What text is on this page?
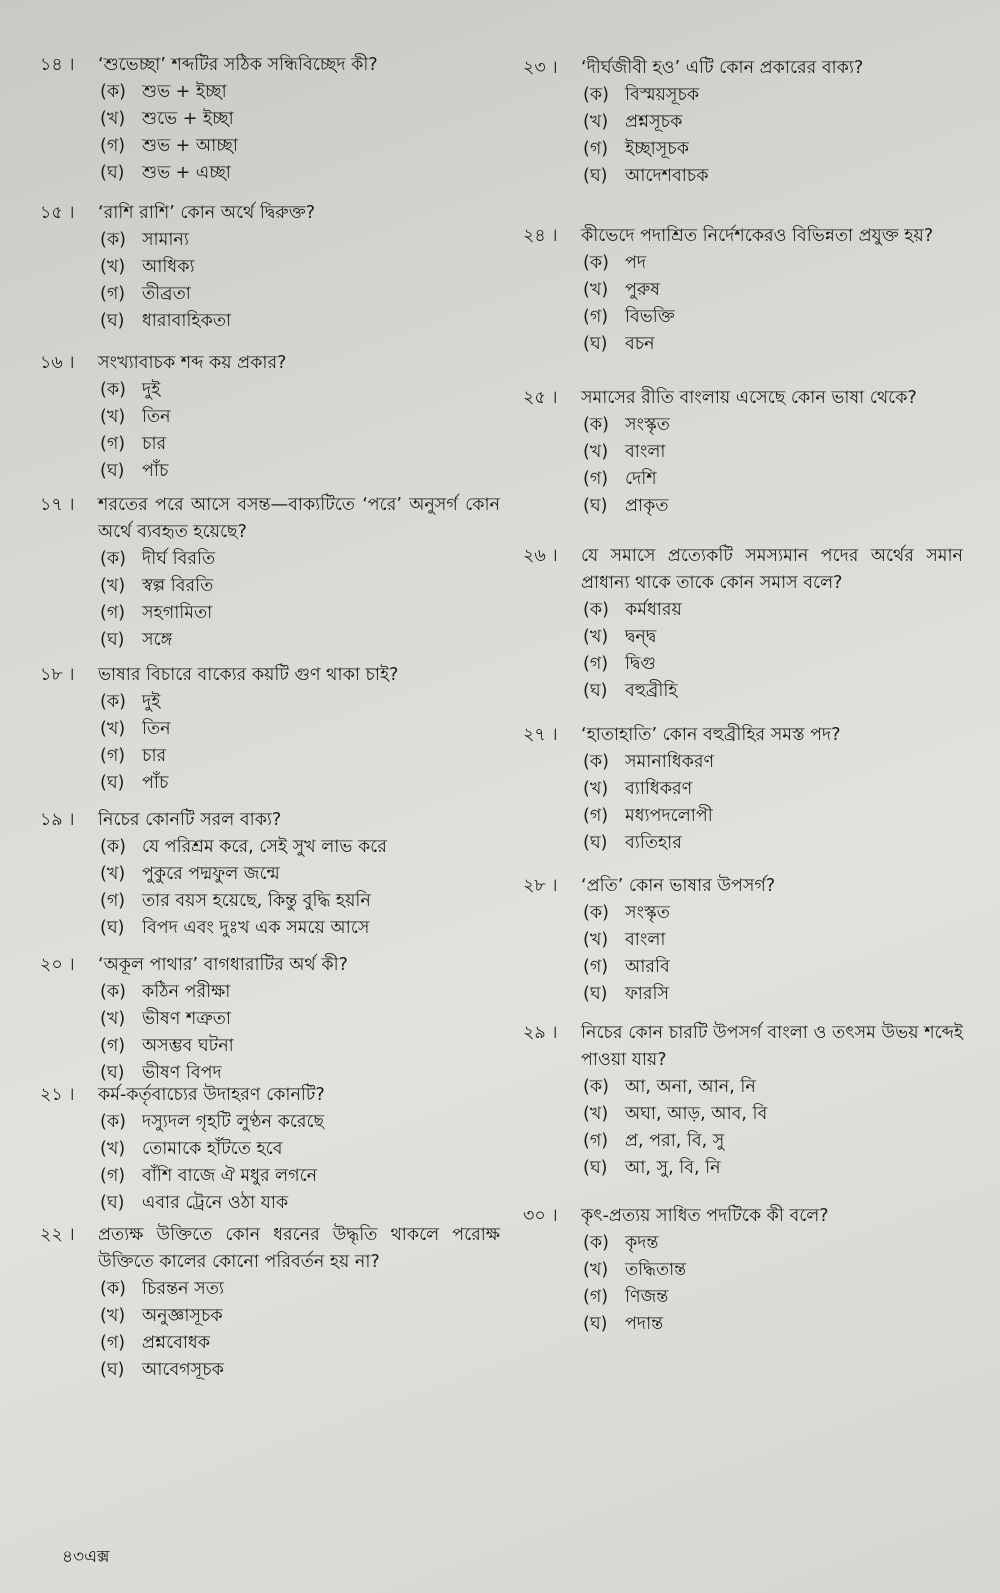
১৪ ।	‘শুভেচ্ছা’ শব্দটির সঠিক সন্ধিবিচ্ছেদ কী?
(ক) শুভ + ইচ্ছা
(খ) শুভে + ইচ্ছা
(গ) শুভ + আচ্ছা
(ঘ)	শুভ + এচ্ছা
১৫ ।	‘রাশি রাশি’ কোন অর্থে দ্বিরুক্ত?
(ক) সামান্য
(খ) আধিক্য
(গ) তীব্রতা
(ঘ)	ধারাবাহিকতা
১৬ ।	সংখ্যাবাচক শব্দ কয় প্রকার?
(ক) দুই
(খ) তিন
(গ) চার
(ঘ)	পাঁচ
১৭ ।	শরতের পরে আসে বসন্ত—বাক্যটিতে ‘পরে’ অনুসর্গ কোন অর্থে ব্যবহৃত হয়েছে?
(ক) দীর্ঘ বিরতি
(খ) স্বল্প বিরতি
(গ) সহগামিতা
(ঘ)	সঙ্গে
১৮ ।	ভাষার বিচারে বাক্যের কয়টি গুণ থাকা চাই?
(ক) দুই
(খ) তিন
(গ) চার
(ঘ)	পাঁচ
১৯ ।	নিচের কোনটি সরল বাক্য?
(ক) যে পরিশ্রম করে, সেই সুখ লাভ করে
(খ) পুকুরে পদ্মফুল জন্মে
(গ) তার বয়স হয়েছে, কিন্তু বুদ্ধি হয়নি
(ঘ)	বিপদ এবং দুঃখ এক সময়ে আসে
২০ ।	‘অকূল পাথার’ বাগধারাটির অর্থ কী?
(ক) কঠিন পরীক্ষা
(খ) ভীষণ শত্রুতা
(গ) অসম্ভব ঘটনা
(ঘ)	ভীষণ বিপদ
২১ ।	কর্ম-কর্তৃবাচ্যের উদাহরণ কোনটি?
(ক) দস্যুদল গৃহটি লুণ্ঠন করেছে
(খ) তোমাকে হাঁটতে হবে
(গ) বাঁশি বাজে ঐ মধুর লগনে
(ঘ)	এবার ট্রেনে ওঠা যাক
২২ ।	প্রত্যক্ষ উক্তিতে কোন ধরনের উদ্ধৃতি থাকলে পরোক্ষ উক্তিতে কালের কোনো পরিবর্তন হয় না?
(ক) চিরন্তন সত্য
(খ) অনুজ্ঞাসূচক
(গ) প্রশ্নবোধক
(ঘ)	আবেগসূচক
২৩ ।	‘দীর্ঘজীবী হও’ এটি কোন প্রকারের বাক্য?
(ক) বিস্ময়সূচক
(খ) প্রশ্নসূচক
(গ) ইচ্ছাসূচক
(ঘ)	আদেশবাচক
২৪ ।	কীভেদে পদাশ্রিত নির্দেশকেরও বিভিন্নতা প্রযুক্ত হয়?
(ক) পদ
(খ) পুরুষ
(গ) বিভক্তি
(ঘ)	বচন
২৫ ।	সমাসের রীতি বাংলায় এসেছে কোন ভাষা থেকে?
(ক) সংস্কৃত
(খ) বাংলা
(গ) দেশি
(ঘ)	প্রাকৃত
২৬ ।	যে সমাসে প্রত্যেকটি সমস্যমান পদের অর্থের সমান প্রাধান্য থাকে তাকে কোন সমাস বলে?
(ক) কর্মধারয়
(খ) দ্বন্দ্ব
(গ) দ্বিগু
(ঘ)	বহুব্রীহি
২৭ ।	‘হাতাহাতি’ কোন বহুব্রীহির সমস্ত পদ?
(ক) সমানাধিকরণ
(খ) ব্যাধিকরণ
(গ) মধ্যপদলোপী
(ঘ)	ব্যতিহার
২৮ ।	‘প্রতি’ কোন ভাষার উপসর্গ?
(ক) সংস্কৃত
(খ) বাংলা
(গ) আরবি
(ঘ)	ফারসি
২৯ ।	নিচের কোন চারটি উপসর্গ বাংলা ও তৎসম উভয় শব্দেই পাওয়া যায়?
(ক) আ, অনা, আন, নি
(খ) অঘা, আড়, আব, বি
(গ) প্র, পরা, বি, সু
(ঘ)	আ, সু, বি, নি
৩০ ।	কৃৎ-প্রত্যয় সাধিত পদটিকে কী বলে?
(ক) কৃদন্ত
(খ) তদ্ধিতান্ত
(গ) ণিজন্ত
(ঘ)	পদান্ত
৪৩এক্স
